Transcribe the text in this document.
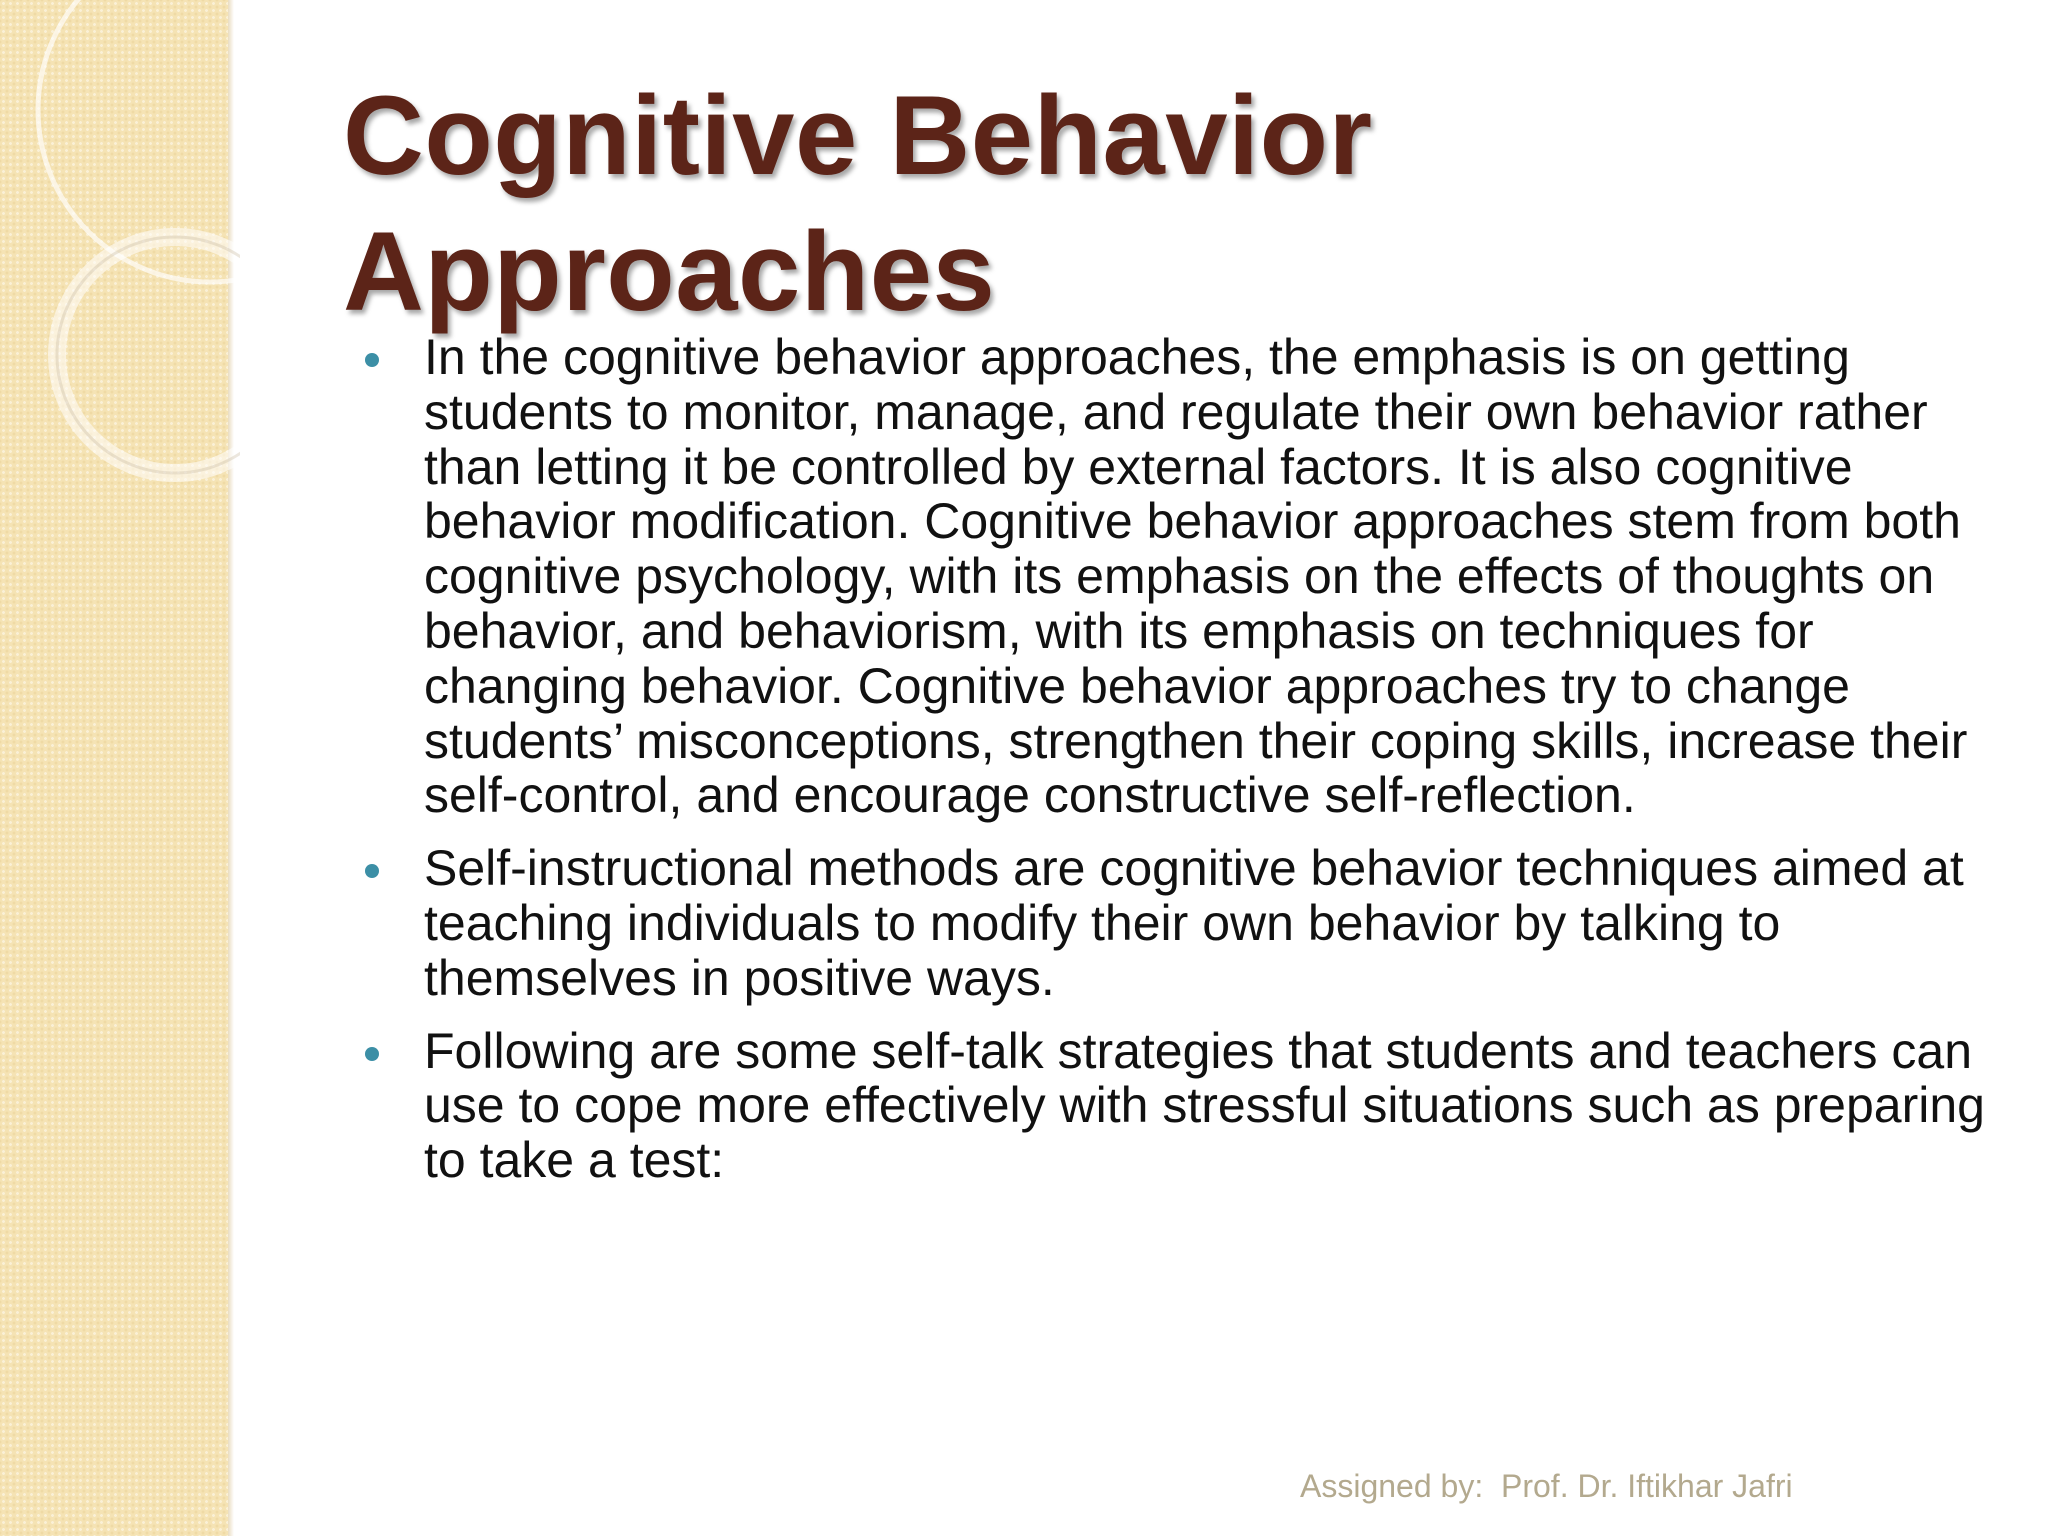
Cognitive Behavior
Approaches
In the cognitive behavior approaches, the emphasis is on getting students to monitor, manage, and regulate their own behavior rather than letting it be controlled by external factors. It is also cognitive behavior modification. Cognitive behavior approaches stem from both cognitive psychology, with its emphasis on the effects of thoughts on behavior, and behaviorism, with its emphasis on techniques for changing behavior. Cognitive behavior approaches try to change students’ misconceptions, strengthen their coping skills, increase their self-control, and encourage constructive self-reflection.
Self-instructional methods are cognitive behavior techniques aimed at teaching individuals to modify their own behavior by talking to themselves in positive ways.
Following are some self-talk strategies that students and teachers can use to cope more effectively with stressful situations such as preparing to take a test:
Assigned by:  Prof. Dr. Iftikhar Jafri
